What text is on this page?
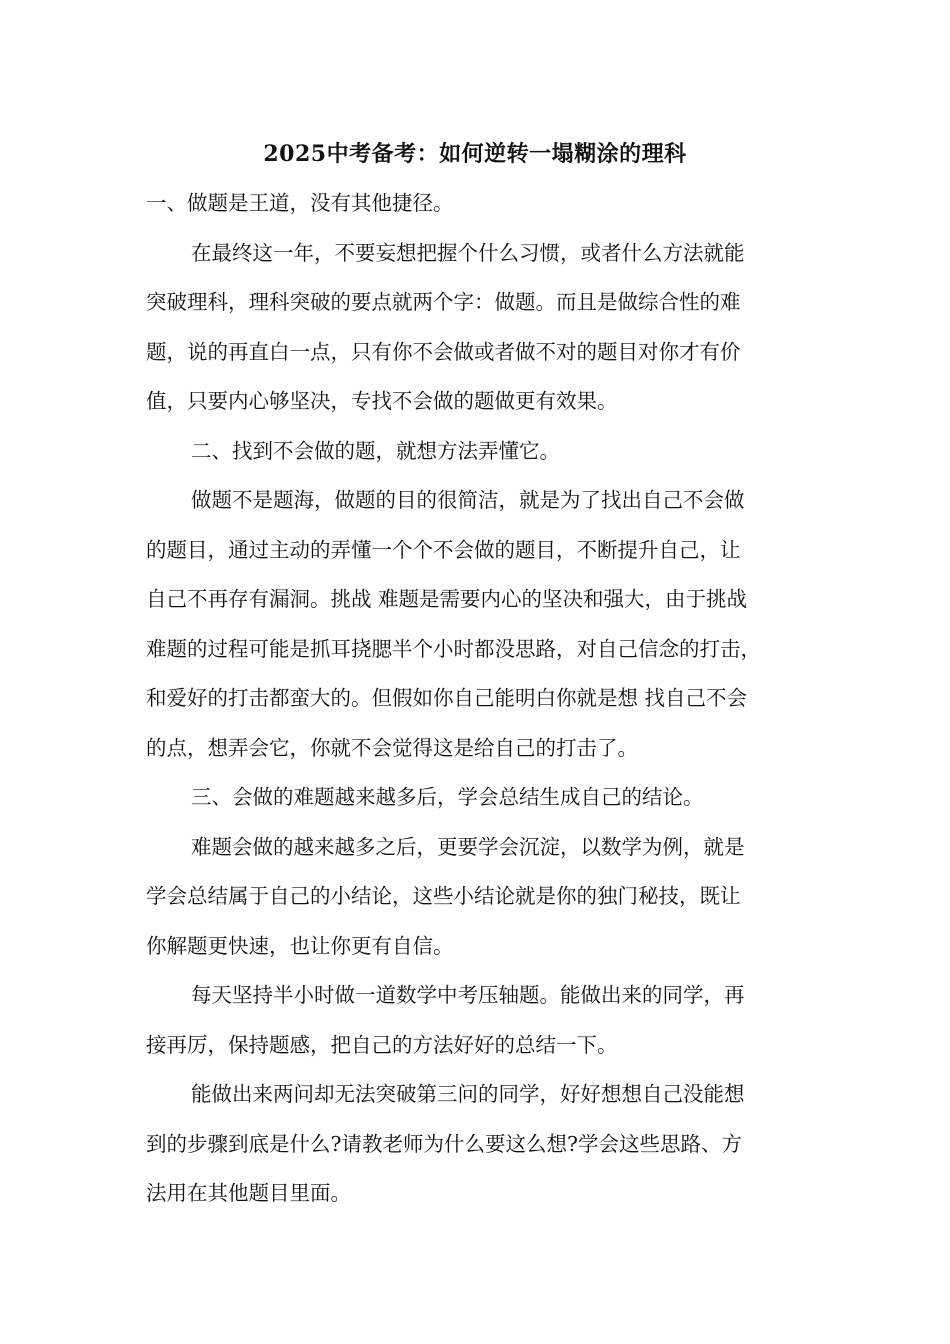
2025中考备考：如何逆转一塌糊涂的理科
一、做题是王道，没有其他捷径。
在最终这一年，不要妄想把握个什么习惯，或者什么方法就能
突破理科，理科突破的要点就两个字：做题。而且是做综合性的难
题，说的再直白一点，只有你不会做或者做不对的题目对你才有价
值，只要内心够坚决，专找不会做的题做更有效果。
二、找到不会做的题，就想方法弄懂它。
做题不是题海，做题的目的很简洁，就是为了找出自己不会做
的题目，通过主动的弄懂一个个不会做的题目，不断提升自己，让
自己不再存有漏洞。挑战 难题是需要内心的坚决和强大，由于挑战
难题的过程可能是抓耳挠腮半个小时都没思路，对自己信念的打击，
和爱好的打击都蛮大的。但假如你自己能明白你就是想 找自己不会
的点，想弄会它，你就不会觉得这是给自己的打击了。
三、会做的难题越来越多后，学会总结生成自己的结论。
难题会做的越来越多之后，更要学会沉淀，以数学为例，就是
学会总结属于自己的小结论，这些小结论就是你的独门秘技，既让
你解题更快速，也让你更有自信。
每天坚持半小时做一道数学中考压轴题。能做出来的同学，再
接再厉，保持题感，把自己的方法好好的总结一下。
能做出来两问却无法突破第三问的同学，好好想想自己没能想
到的步骤到底是什么?请教老师为什么要这么想?学会这些思路、方
法用在其他题目里面。
